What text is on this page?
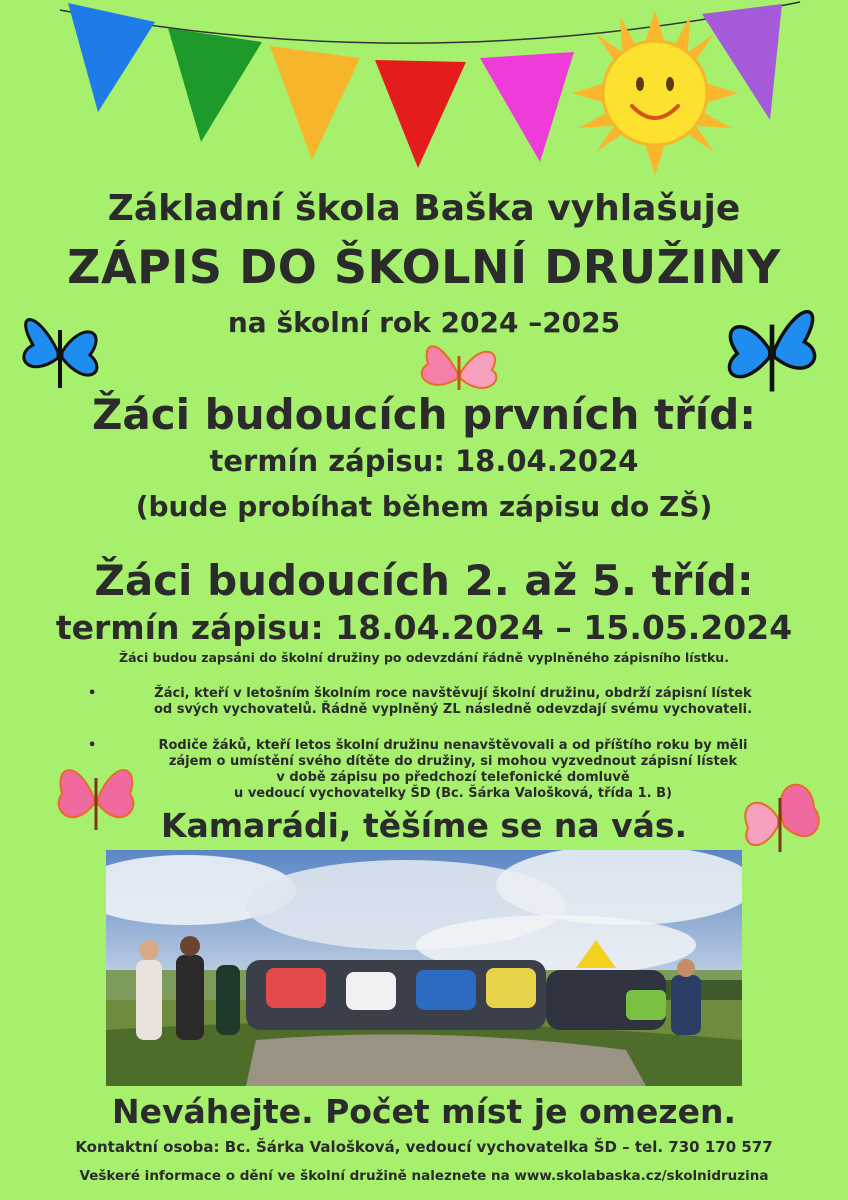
Základní škola Baška vyhlašuje
ZÁPIS DO ŠKOLNÍ DRUŽINY
na školní rok 2024 –2025
Žáci budoucích prvních tříd:
termín zápisu: 18.04.2024
(bude probíhat během zápisu do ZŠ)
Žáci budoucích 2. až 5. tříd:
termín zápisu: 18.04.2024 – 15.05.2024
Žáci budou zapsáni do školní družiny po odevzdání řádně vyplněného zápisního lístku.
•	Žáci, kteří v letošním školním roce navštěvují školní družinu, obdrží zápisní lístek
od svých vychovatelů. Řádně vyplněný ZL následně odevzdají svému vychovateli.
•	Rodiče žáků, kteří letos školní družinu nenavštěvovali a od příštího roku by měli
zájem o umístění svého dítěte do družiny, si mohou vyzvednout zápisní lístek
v době zápisu po předchozí telefonické domluvě
u vedoucí vychovatelky ŠD (Bc. Šárka Valošková, třída 1. B)
Kamarádi, těšíme se na vás.
Neváhejte. Počet míst je omezen.
Kontaktní osoba: Bc. Šárka Valošková, vedoucí vychovatelka ŠD – tel. 730 170 577
Veškeré informace o dění ve školní družině naleznete na www.skolabaska.cz/skolnidruzina
